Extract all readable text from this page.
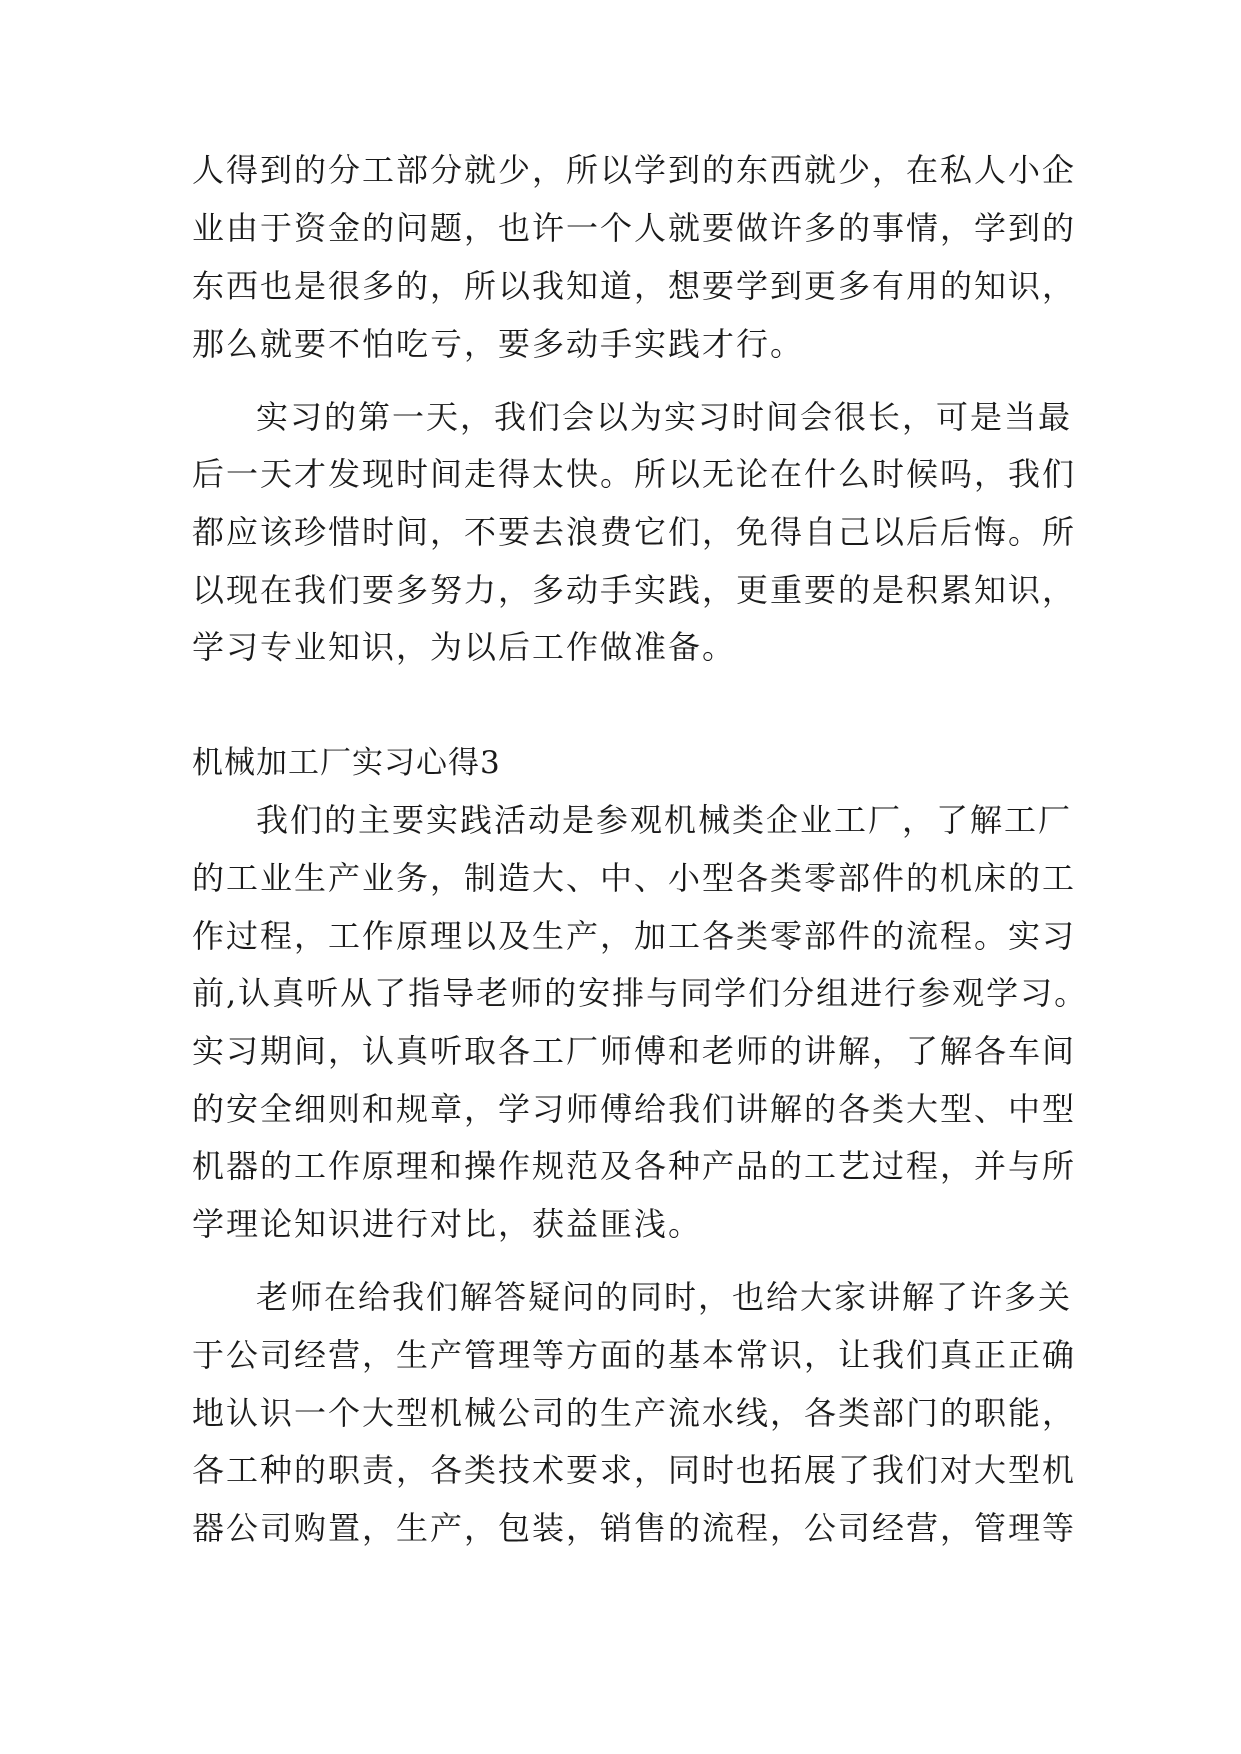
人得到的分工部分就少，所以学到的东西就少，在私人小企
业由于资金的问题，也许一个人就要做许多的事情，学到的
东西也是很多的，所以我知道，想要学到更多有用的知识，
那么就要不怕吃亏，要多动手实践才行。
实习的第一天，我们会以为实习时间会很长，可是当最
后一天才发现时间走得太快。所以无论在什么时候吗，我们
都应该珍惜时间，不要去浪费它们，免得自己以后后悔。所
以现在我们要多努力，多动手实践，更重要的是积累知识，
学习专业知识，为以后工作做准备。
机械加工厂实习心得3
我们的主要实践活动是参观机械类企业工厂，了解工厂
的工业生产业务，制造大、中、小型各类零部件的机床的工
作过程，工作原理以及生产，加工各类零部件的流程。实习
前,认真听从了指导老师的安排与同学们分组进行参观学习。
实习期间，认真听取各工厂师傅和老师的讲解，了解各车间
的安全细则和规章，学习师傅给我们讲解的各类大型、中型
机器的工作原理和操作规范及各种产品的工艺过程，并与所
学理论知识进行对比，获益匪浅。
老师在给我们解答疑问的同时，也给大家讲解了许多关
于公司经营，生产管理等方面的基本常识，让我们真正正确
地认识一个大型机械公司的生产流水线，各类部门的职能，
各工种的职责，各类技术要求，同时也拓展了我们对大型机
器公司购置，生产，包装，销售的流程，公司经营，管理等
